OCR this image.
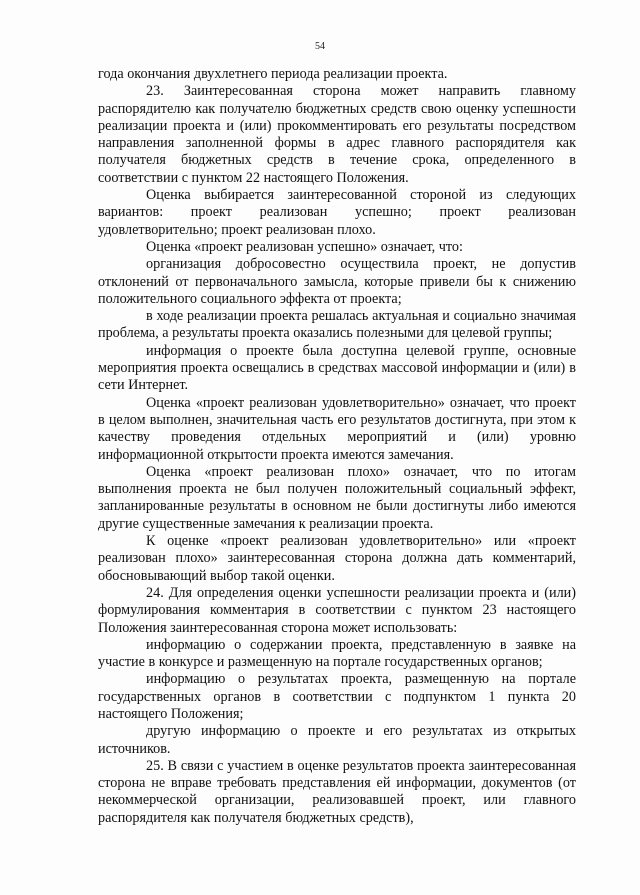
54

года окончания двухлетнего периода реализации проекта.

23. Заинтересованная сторона может направить главному распорядителю как получателю бюджетных средств свою оценку успешности реализации проекта и (или) прокомментировать его результаты посредством направления заполненной формы в адрес главного распорядителя как получателя бюджетных средств в течение срока, определенного в соответствии с пунктом 22 настоящего Положения.

Оценка выбирается заинтересованной стороной из следующих вариантов: проект реализован успешно; проект реализован удовлетворительно; проект реализован плохо.

Оценка «проект реализован успешно» означает, что:

организация добросовестно осуществила проект, не допустив отклонений от первоначального замысла, которые привели бы к снижению положительного социального эффекта от проекта;

в ходе реализации проекта решалась актуальная и социально значимая проблема, а результаты проекта оказались полезными для целевой группы;

информация о проекте была доступна целевой группе, основные мероприятия проекта освещались в средствах массовой информации и (или) в сети Интернет.

Оценка «проект реализован удовлетворительно» означает, что проект в целом выполнен, значительная часть его результатов достигнута, при этом к качеству проведения отдельных мероприятий и (или) уровню информационной открытости проекта имеются замечания.

Оценка «проект реализован плохо» означает, что по итогам выполнения проекта не был получен положительный социальный эффект, запланированные результаты в основном не были достигнуты либо имеются другие существенные замечания к реализации проекта.

К оценке «проект реализован удовлетворительно» или «проект реализован плохо» заинтересованная сторона должна дать комментарий, обосновывающий выбор такой оценки.

24. Для определения оценки успешности реализации проекта и (или) формулирования комментария в соответствии с пунктом 23 настоящего Положения заинтересованная сторона может использовать:

информацию о содержании проекта, представленную в заявке на участие в конкурсе и размещенную на портале государственных органов;

информацию о результатах проекта, размещенную на портале государственных органов в соответствии с подпунктом 1 пункта 20 настоящего Положения;

другую информацию о проекте и его результатах из открытых источников.

25. В связи с участием в оценке результатов проекта заинтересованная сторона не вправе требовать представления ей информации, документов (от некоммерческой организации, реализовавшей проект, или главного распорядителя как получателя бюджетных средств),
